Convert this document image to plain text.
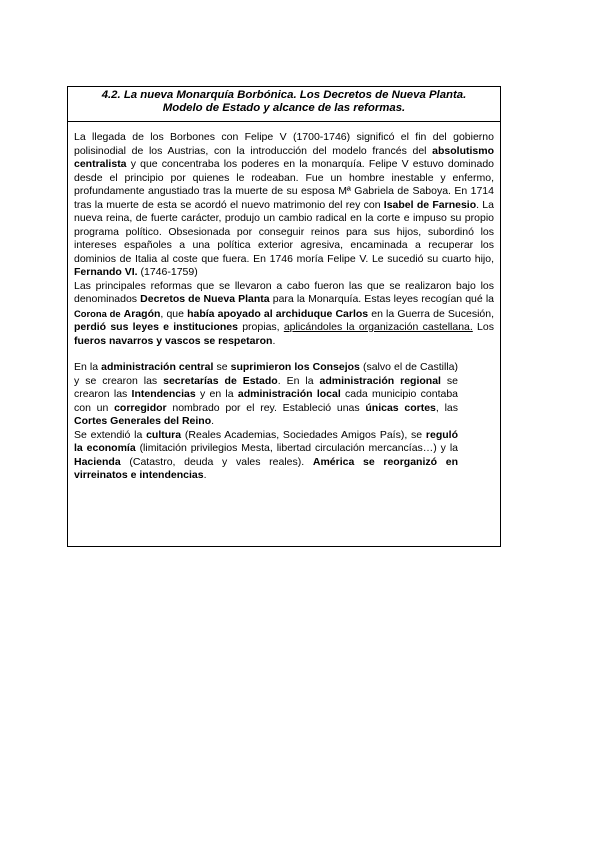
4.2. La nueva Monarquía Borbónica. Los Decretos de Nueva Planta.
Modelo de Estado y alcance de las reformas.

La llegada de los Borbones con Felipe V (1700-1746) significó el fin del gobierno polisinodial de los Austrias, con la introducción del modelo francés del absolutismo centralista y que concentraba los poderes en la monarquía. Felipe V estuvo dominado desde el principio por quienes le rodeaban. Fue un hombre inestable y enfermo, profundamente angustiado tras la muerte de su esposa Mª Gabriela de Saboya. En 1714 tras la muerte de esta se acordó el nuevo matrimonio del rey con Isabel de Farnesio. La nueva reina, de fuerte carácter, produjo un cambio radical en la corte e impuso su propio programa político. Obsesionada por conseguir reinos para sus hijos, subordinó los intereses españoles a una política exterior agresiva, encaminada a recuperar los dominios de Italia al coste que fuera. En 1746 moría Felipe V. Le sucedió su cuarto hijo, Fernando VI. (1746-1759)

Las principales reformas que se llevaron a cabo fueron las que se realizaron bajo los denominados Decretos de Nueva Planta para la Monarquía. Estas leyes recogían qué la Corona de Aragón, que había apoyado al archiduque Carlos en la Guerra de Sucesión, perdió sus leyes e instituciones propias, aplicándoles la organización castellana. Los fueros navarros y vascos se respetaron.

En la administración central se suprimieron los Consejos (salvo el de Castilla) y se crearon las secretarías de Estado. En la administración regional se crearon las Intendencias y en la administración local cada municipio contaba con un corregidor nombrado por el rey. Estableció unas únicas cortes, las Cortes Generales del Reino.

Se extendió la cultura (Reales Academias, Sociedades Amigos País), se reguló la economía (limitación privilegios Mesta, libertad circulación mercancías…) y la Hacienda (Catastro, deuda y vales reales). América se reorganizó en virreinatos e intendencias.
